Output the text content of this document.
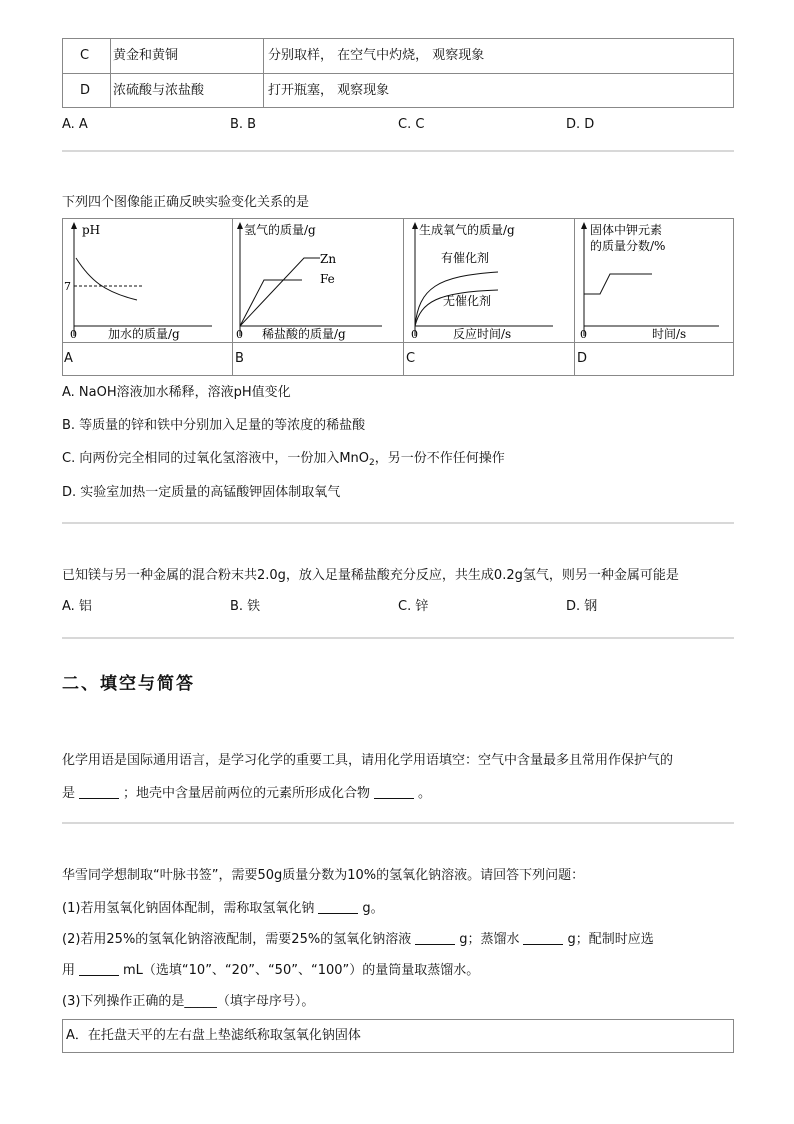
C 黄金和黄铜	分别取样， 在空气中灼烧， 观察现象
D 浓硫酸与浓盐酸	打开瓶塞， 观察现象
A. A	B. B	C. C	D. D
下列四个图像能正确反映实验变化关系的是
pH
7
0	加水的质量/g
氢气的质量/g
Zn
Fe
0 稀盐酸的质量/g
生成氧气的质量/g
有催化剂
无催化剂
0	反应时间/s
固体中钾元素
的质量分数/%
0	时间/s
A	B	C	D
A. NaOH溶液加水稀释，溶液pH值变化
B. 等质量的锌和铁中分别加入足量的等浓度的稀盐酸
C. 向两份完全相同的过氧化氢溶液中，一份加入MnO$_2$，另一份不作任何操作
D. 实验室加热一定质量的高锰酸钾固体制取氧气
已知镁与另一种金属的混合粉末共2.0g，放入足量稀盐酸充分反应，共生成0.2g氢气，则另一种金属可能是
A. 铝	B. 铁	C. 锌	D. 钢
二、填空与简答
化学用语是国际通用语言，是学习化学的重要工具，请用化学用语填空：空气中含量最多且常用作保护气的
是	；地壳中含量居前两位的元素所形成化合物	。
华雪同学想制取“叶脉书签”，需要50g质量分数为10%的氢氧化钠溶液。请回答下列问题：
(1)若用氢氧化钠固体配制，需称取氢氧化钠	g。
(2)若用25%的氢氧化钠溶液配制，需要25%的氢氧化钠溶液	g；蒸馏水	g；配制时应选
用	mL（选填“10”、“20”、“50”、“100”）的量筒量取蒸馏水。
(3)下列操作正确的是_____（填字母序号）。
A．在托盘天平的左右盘上垫滤纸称取氢氧化钠固体
